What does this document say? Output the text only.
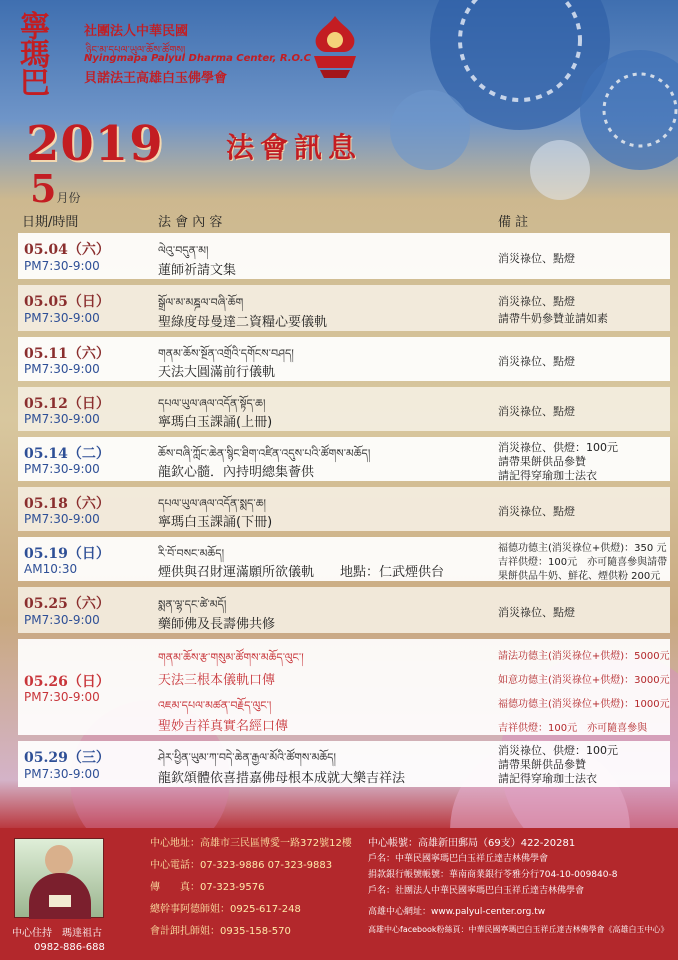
寧瑪巴
社團法人中華民國
ཉིང་མ་དཔལ་ཡུལ་ཆོས་ཚོགས།
Nyingmapa Palyul Dharma Center, R.O.C
貝諾法王高雄白玉佛學會
2019 法會訊息
5月份
日期/時間	法 會 內 容	備 註
05.04（六）
PM7:30-9:00
ལེའུ་བདུན་མ།
蓮師祈請文集
消災祿位、點燈
05.05（日）
PM7:30-9:00
སྒྲོལ་མ་མཎྜལ་བཞི་ཆོག
聖綠度母曼達二資糧心要儀軌
消災祿位、點燈
請帶牛奶參贊並請如素
05.11（六）
PM7:30-9:00
གནམ་ཆོས་སྔོན་འགྲོའི་དགོངས་བཤད།
天法大圓滿前行儀軌
消災祿位、點燈
05.12（日）
PM7:30-9:00
དཔལ་ཡུལ་ཞལ་འདོན་སྟོད་ཆ།
寧瑪白玉課誦(上冊)
消災祿位、點燈
05.14（二）
PM7:30-9:00
ཆོས་བཞི་ཀློང་ཆེན་སྙིང་ཐིག་འཛིན་འདུས་པའི་ཚོགས་མཆོད།
龍欽心髓．內持明總集薈供
消災祿位、供燈：100元
請帶果餅供品參贊
請記得穿瑜珈士法衣
05.18（六）
PM7:30-9:00
དཔལ་ཡུལ་ཞལ་འདོན་སྨད་ཆ།
寧瑪白玉課誦(下冊)
消災祿位、點燈
05.19（日）
AM10:30
རི་བོ་བསང་མཆོད།
煙供與召財運滿願所欲儀軌 地點：仁武煙供台
福德功德主(消災祿位+供燈)：350 元
吉祥供燈：100元　亦可隨喜參與請帶
果餅供品牛奶、鮮花、煙供粉 200元
05.25（六）
PM7:30-9:00
སྨན་ལྷ་དང་ཚེ་མདོ།
藥師佛及長壽佛共修
消災祿位、點燈
05.26（日）
PM7:30-9:00
གནམ་ཆོས་རྩ་གསུམ་ཚོགས་མཆོད་ལུང་།
天法三根本儀軌口傳
འཇམ་དཔལ་མཚན་བརྗོད་ལུང་།
聖妙吉祥真實名經口傳
請法功德主(消災祿位+供燈)：5000元
如意功德主(消災祿位+供燈)：3000元
福德功德主(消災祿位+供燈)：1000元
吉祥供燈：100元　亦可隨喜參與
05.29（三）
PM7:30-9:00
ཤེར་ཕྱིན་ཡུམ་ཀ་བདེ་ཆེན་རྒྱལ་མོའི་ཚོགས་མཆོད།
龍欽頌體依喜措嘉佛母根本成就大樂吉祥法
消災祿位、供燈：100元
請帶果餅供品參贊
請記得穿瑜珈士法衣
中心住持　瑪達祖古
0982-886-688
中心地址：高雄市三民區博愛一路372號12樓
中心電話：07-323-9886 07-323-9883
傳　　真：07-323-9576
總幹事阿德師姐：0925-617-248
會計卸扎師姐：0935-158-570
中心帳號：高雄新田郵局（69支）422-20281
戶名：中華民國寧瑪巴白玉祥丘達吉林佛學會
捐款銀行帳號帳號：華南商業銀行苓雅分行704-10-009840-8
戶名：社團法人中華民國寧瑪巴白玉祥丘達吉林佛學會
高雄中心網址：www.palyul-center.org.tw
高雄中心facebook粉絲頁：中華民國寧瑪巴白玉祥丘達吉林佛學會《高雄白玉中心》
